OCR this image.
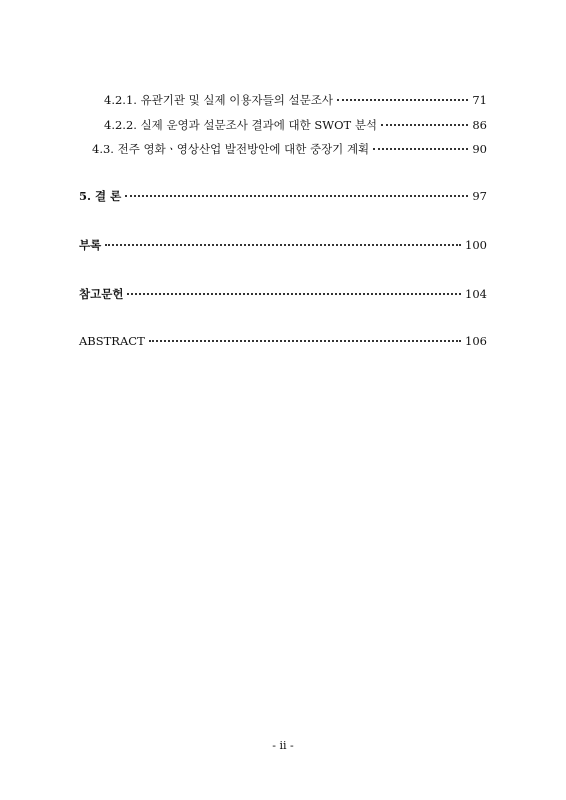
4.2.1. 유관기관 및 실제 이용자들의 설문조사	71
4.2.2. 실제 운영과 설문조사 결과에 대한 SWOT 분석	86
4.3. 전주 영화ㆍ영상산업 발전방안에 대한 중장기 계획	90
5. 결 론	97
부록	100
참고문헌	104
ABSTRACT	106
- ii -
